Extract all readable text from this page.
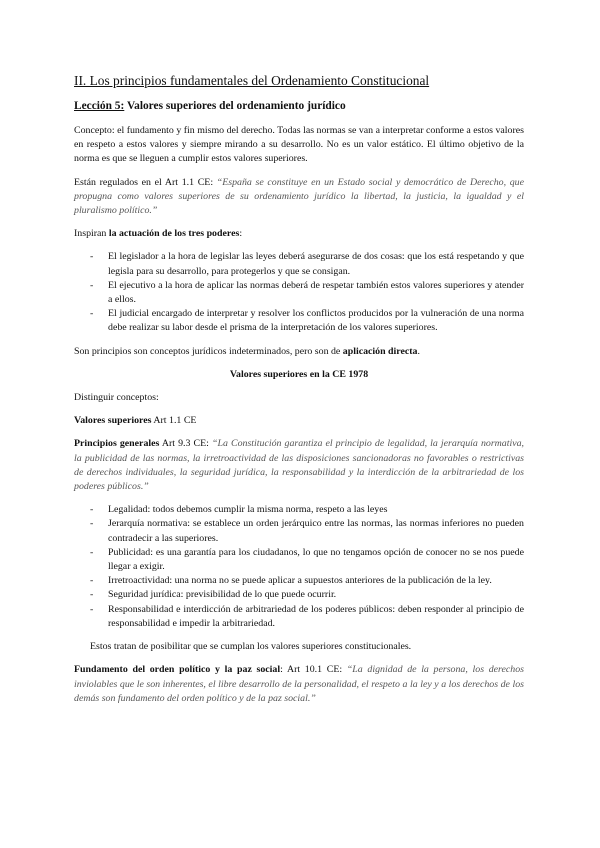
II. Los principios fundamentales del Ordenamiento Constitucional
Lección 5: Valores superiores del ordenamiento jurídico

Concepto: el fundamento y fin mismo del derecho. Todas las normas se van a interpretar conforme a estos valores en respeto a estos valores y siempre mirando a su desarrollo. No es un valor estático. El último objetivo de la norma es que se lleguen a cumplir estos valores superiores.

Están regulados en el Art 1.1 CE: “España se constituye en un Estado social y democrático de Derecho, que propugna como valores superiores de su ordenamiento jurídico la libertad, la justicia, la igualdad y el pluralismo político.”

Inspiran la actuación de los tres poderes:

- El legislador a la hora de legislar las leyes deberá asegurarse de dos cosas: que los está respetando y que legisla para su desarrollo, para protegerlos y que se consigan.
- El ejecutivo a la hora de aplicar las normas deberá de respetar también estos valores superiores y atender a ellos.
- El judicial encargado de interpretar y resolver los conflictos producidos por la vulneración de una norma debe realizar su labor desde el prisma de la interpretación de los valores superiores.

Son principios son conceptos jurídicos indeterminados, pero son de aplicación directa.

Valores superiores en la CE 1978

Distinguir conceptos:

Valores superiores Art 1.1 CE

Principios generales Art 9.3 CE: “La Constitución garantiza el principio de legalidad, la jerarquía normativa, la publicidad de las normas, la irretroactividad de las disposiciones sancionadoras no favorables o restrictivas de derechos individuales, la seguridad jurídica, la responsabilidad y la interdicción de la arbitrariedad de los poderes públicos.”

- Legalidad: todos debemos cumplir la misma norma, respeto a las leyes
- Jerarquía normativa: se establece un orden jerárquico entre las normas, las normas inferiores no pueden contradecir a las superiores.
- Publicidad: es una garantía para los ciudadanos, lo que no tengamos opción de conocer no se nos puede llegar a exigir.
- Irretroactividad: una norma no se puede aplicar a supuestos anteriores de la publicación de la ley.
- Seguridad jurídica: previsibilidad de lo que puede ocurrir.
- Responsabilidad e interdicción de arbitrariedad de los poderes públicos: deben responder al principio de responsabilidad e impedir la arbitrariedad.

Estos tratan de posibilitar que se cumplan los valores superiores constitucionales.

Fundamento del orden político y la paz social: Art 10.1 CE: “La dignidad de la persona, los derechos inviolables que le son inherentes, el libre desarrollo de la personalidad, el respeto a la ley y a los derechos de los demás son fundamento del orden político y de la paz social.”
